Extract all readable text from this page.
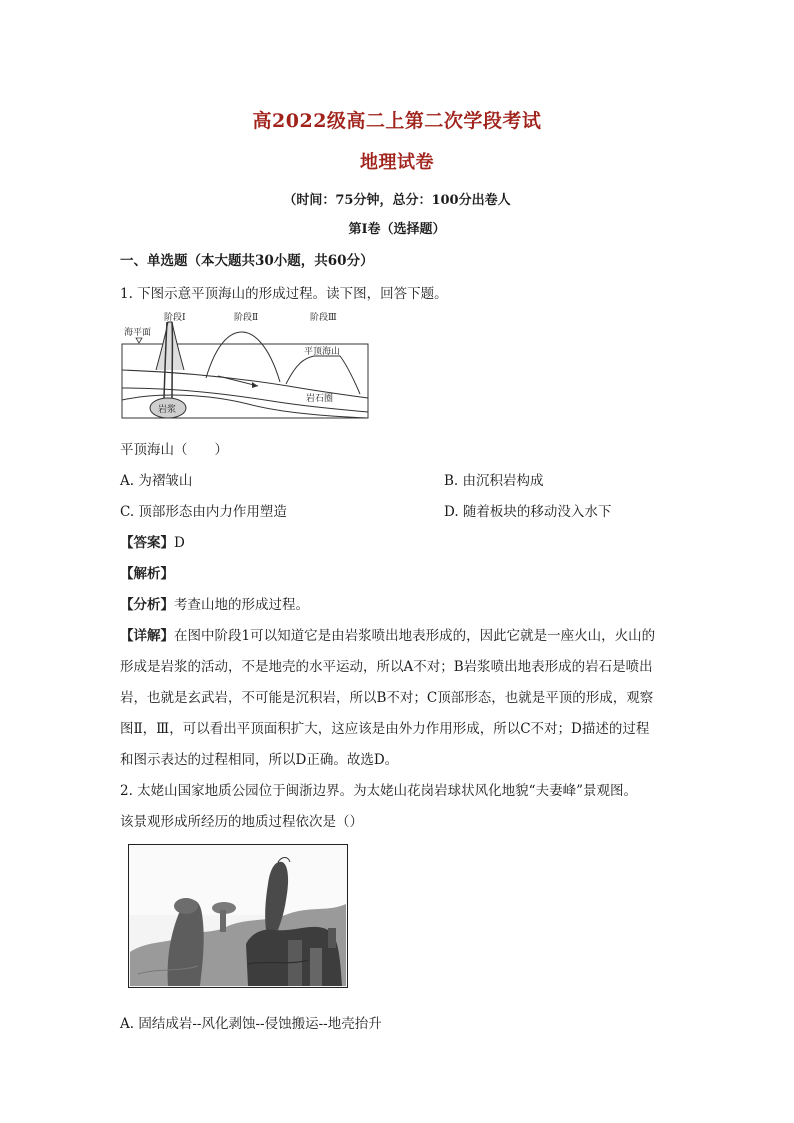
高2022级高二上第二次学段考试
地理试卷
（时间：75分钟，总分：100分出卷人
第Ⅰ卷（选择题）
一、单选题（本大题共30小题，共60分）
1. 下图示意平顶海山的形成过程。读下图，回答下题。
阶段Ⅰ	阶段Ⅱ	阶段Ⅲ
海平面
平顶海山
岩石圈
岩浆
平顶海山（　　）
A. 为褶皱山	B. 由沉积岩构成
C. 顶部形态由内力作用塑造	D. 随着板块的移动没入水下
【答案】D
【解析】
【分析】考查山地的形成过程。
【详解】在图中阶段1可以知道它是由岩浆喷出地表形成的，因此它就是一座火山，火山的
形成是岩浆的活动，不是地壳的水平运动，所以A不对；B岩浆喷出地表形成的岩石是喷出
岩，也就是玄武岩，不可能是沉积岩，所以B不对；C顶部形态，也就是平顶的形成，观察
图Ⅱ，Ⅲ，可以看出平顶面积扩大，这应该是由外力作用形成，所以C不对；D描述的过程
和图示表达的过程相同，所以D正确。故选D。
2. 太姥山国家地质公园位于闽浙边界。为太姥山花岗岩球状风化地貌“夫妻峰”景观图。
该景观形成所经历的地质过程依次是（）
A. 固结成岩--风化剥蚀--侵蚀搬运--地壳抬升
